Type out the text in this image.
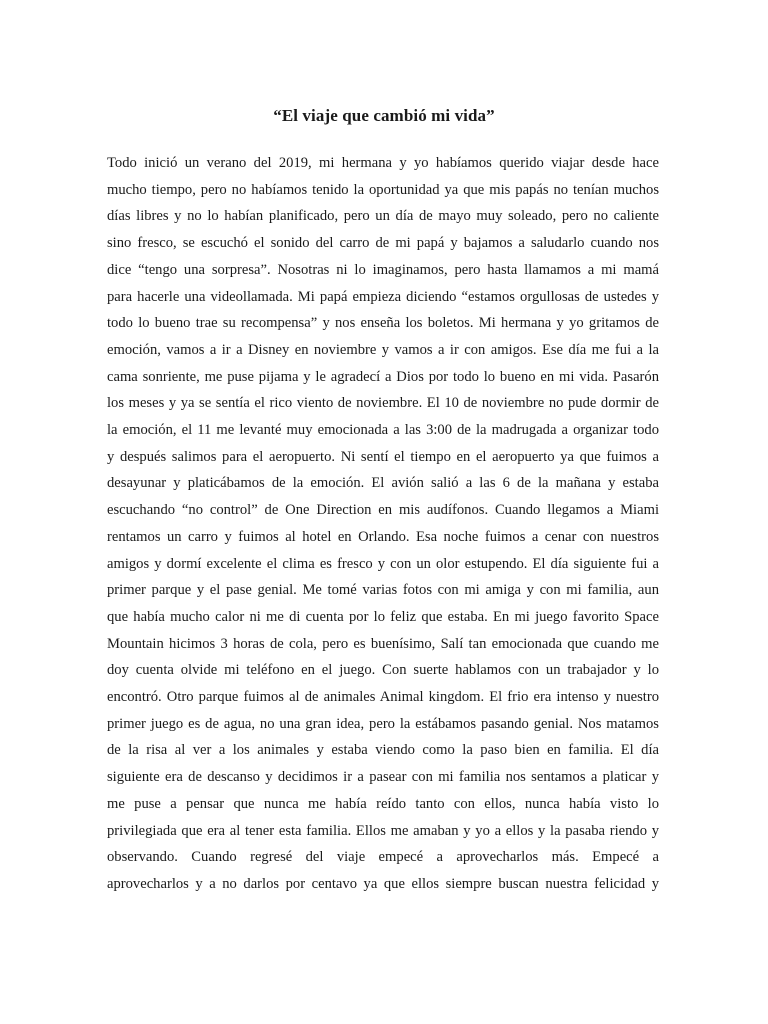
“El viaje que cambió mi vida”
Todo inició un verano del 2019, mi hermana y yo habíamos querido viajar desde hace
mucho tiempo, pero no habíamos tenido la oportunidad ya que mis papás no tenían muchos
días libres y no lo habían planificado, pero un día de mayo muy soleado, pero no caliente
sino fresco, se escuchó el sonido del carro de mi papá y bajamos a saludarlo cuando nos
dice “tengo una sorpresa”. Nosotras ni lo imaginamos, pero hasta llamamos a mi mamá
para hacerle una videollamada. Mi papá empieza diciendo “estamos orgullosas de ustedes y
todo lo bueno trae su recompensa” y nos enseña los boletos. Mi hermana y yo gritamos de
emoción, vamos a ir a Disney en noviembre y vamos a ir con amigos. Ese día me fui a la
cama sonriente, me puse pijama y le agradecí a Dios por todo lo bueno en mi vida. Pasarón
los meses y ya se sentía el rico viento de noviembre. El 10 de noviembre no pude dormir de
la emoción, el 11 me levanté muy emocionada a las 3:00 de la madrugada a organizar todo
y después salimos para el aeropuerto. Ni sentí el tiempo en el aeropuerto ya que fuimos a
desayunar y platicábamos de la emoción. El avión salió a las 6 de la mañana y estaba
escuchando “no control” de One Direction en mis audífonos. Cuando llegamos a Miami
rentamos un carro y fuimos al hotel en Orlando. Esa noche fuimos a cenar con nuestros
amigos y dormí excelente el clima es fresco y con un olor estupendo. El día siguiente fui a
primer parque y el pase genial. Me tomé varias fotos con mi amiga y con mi familia, aun
que había mucho calor ni me di cuenta por lo feliz que estaba. En mi juego favorito Space
Mountain hicimos 3 horas de cola, pero es buenísimo, Salí tan emocionada que cuando me
doy cuenta olvide mi teléfono en el juego. Con suerte hablamos con un trabajador y lo
encontró. Otro parque fuimos al de animales Animal kingdom. El frio era intenso y nuestro
primer juego es de agua, no una gran idea, pero la estábamos pasando genial. Nos matamos
de la risa al ver a los animales y estaba viendo como la paso bien en familia. El día
siguiente era de descanso y decidimos ir a pasear con mi familia nos sentamos a platicar y
me puse a pensar que nunca me había reído tanto con ellos, nunca había visto lo
privilegiada que era al tener esta familia. Ellos me amaban y yo a ellos y la pasaba riendo y
observando. Cuando regresé del viaje empecé a aprovecharlos más. Empecé a
aprovecharlos y a no darlos por centavo ya que ellos siempre buscan nuestra felicidad y
